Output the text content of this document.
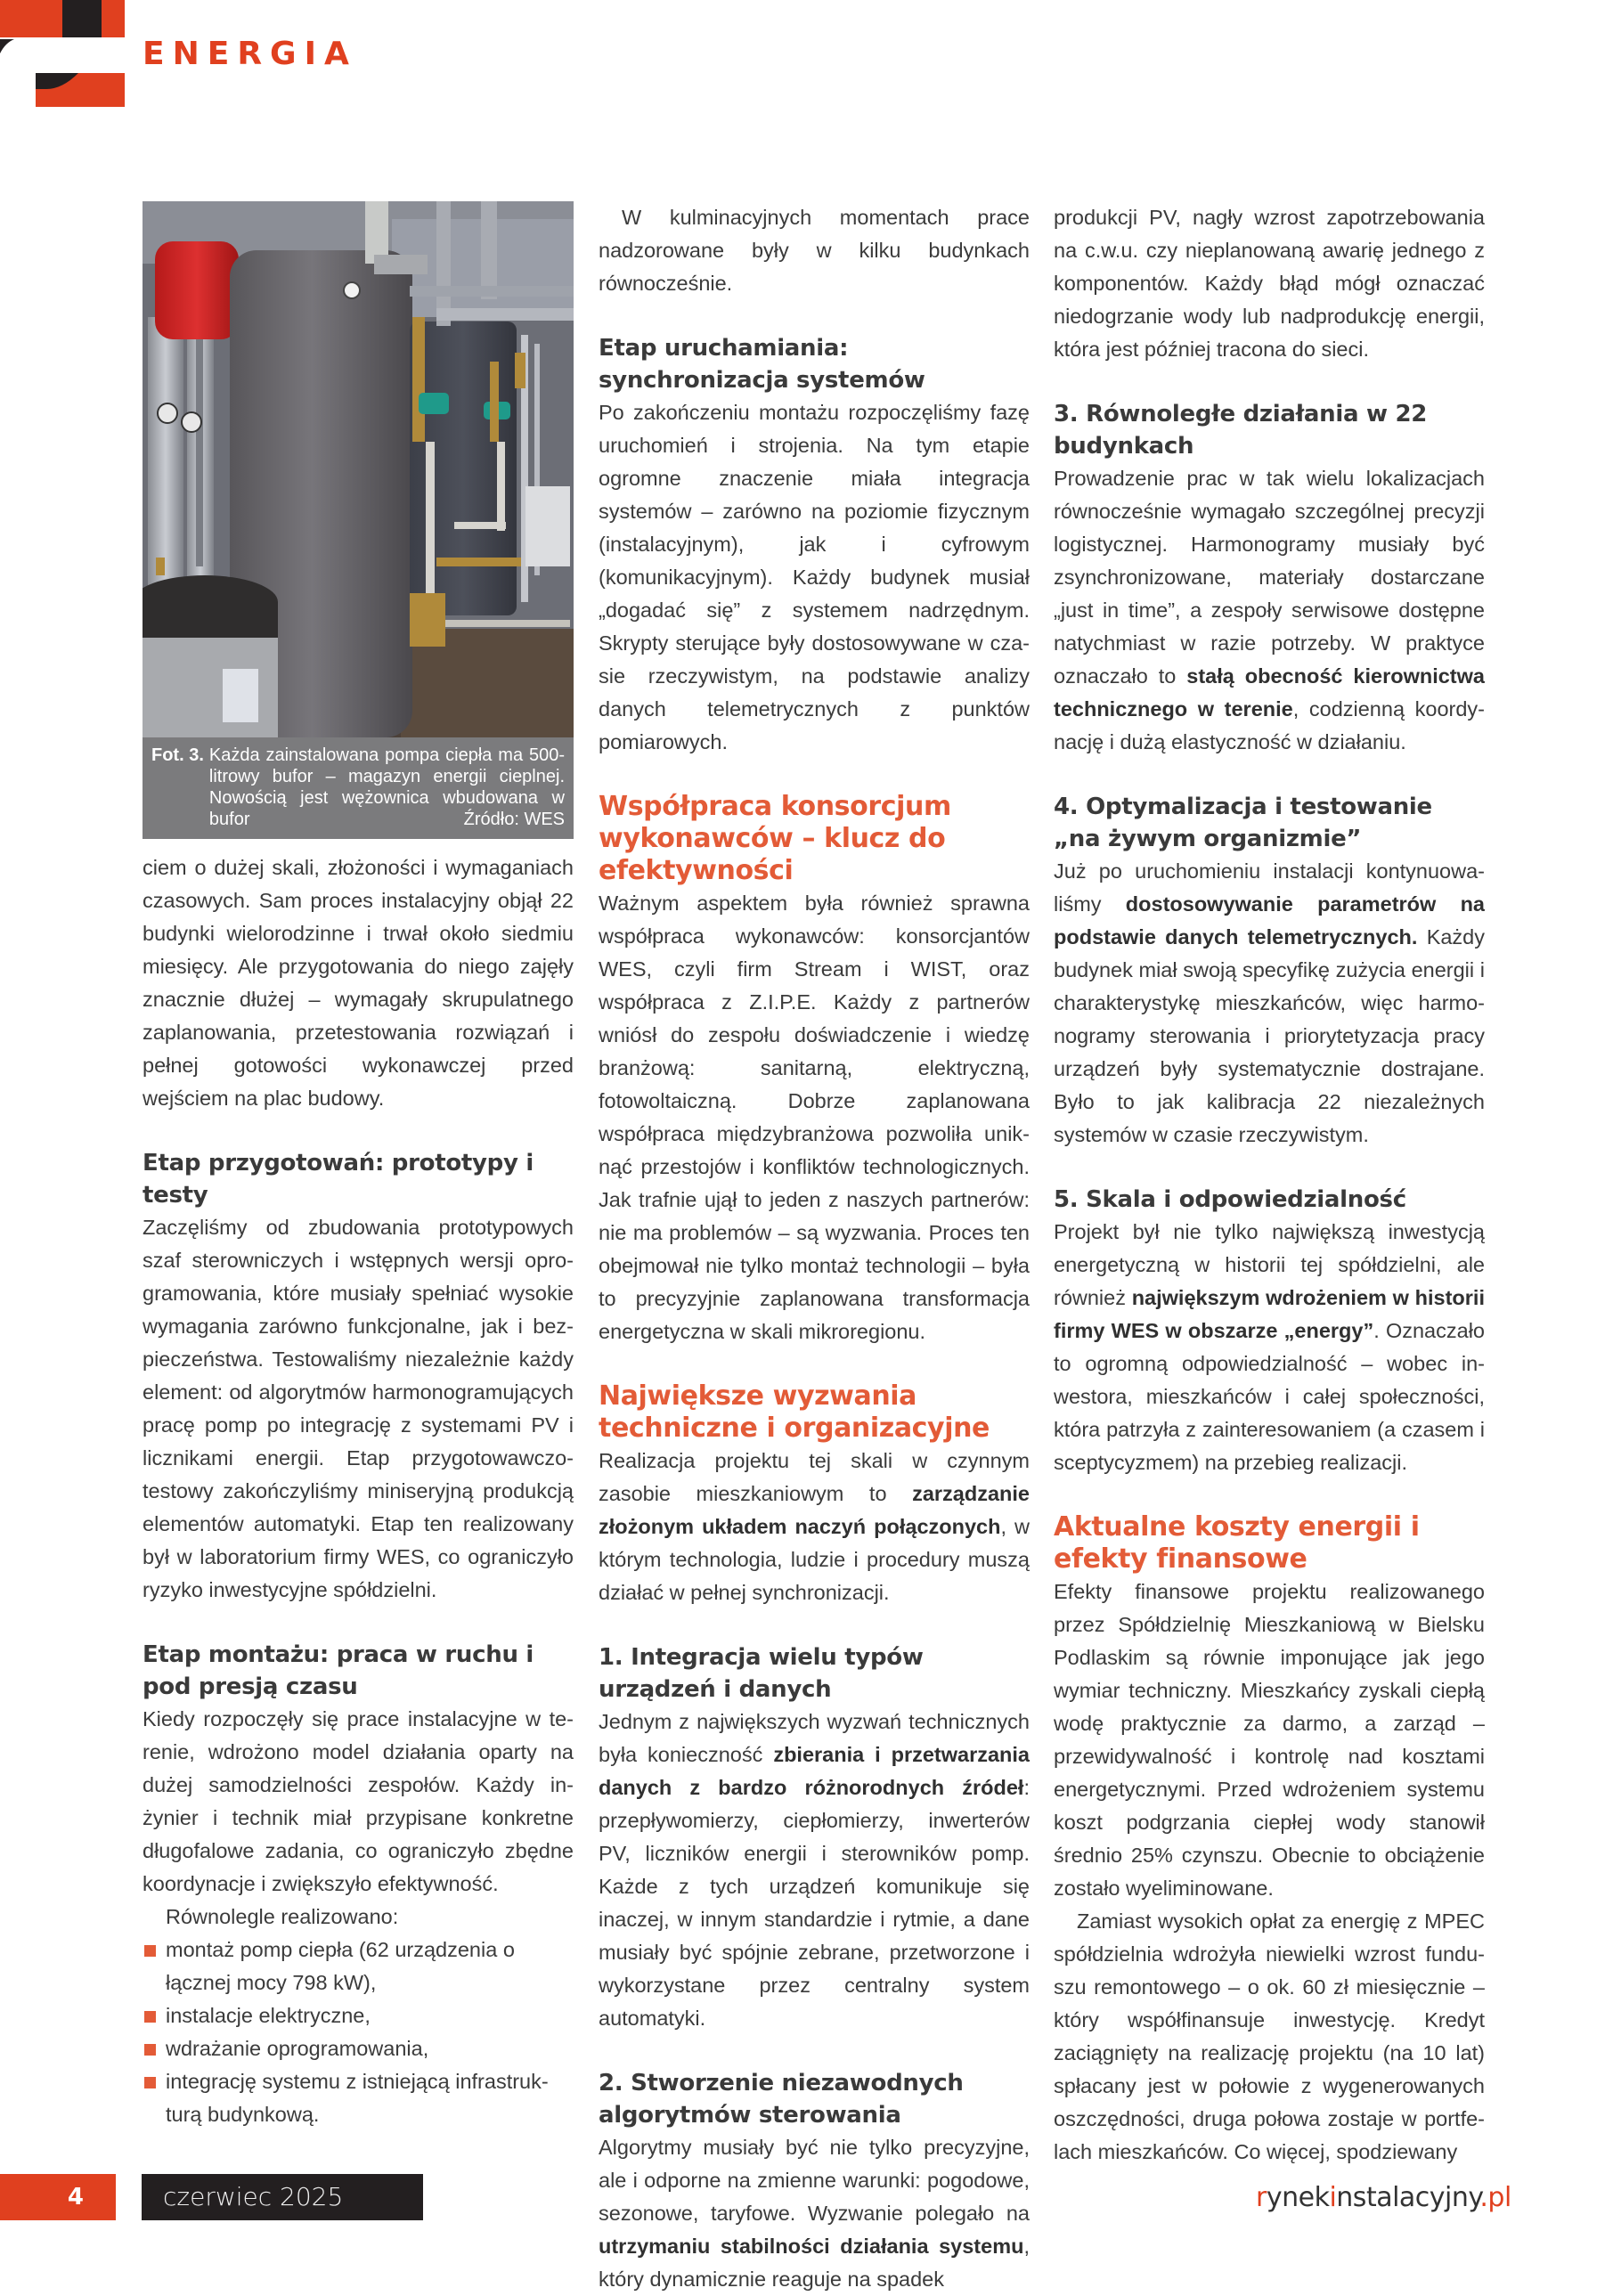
ENERGIA
Fot. 3. Każda zainstalowana pompa ciepła ma 500-litrowy bufor – magazyn energii cieplnej. Nowością jest wężownica wbudowana w bufor	Źródło: WES

ciem o dużej skali, złożoności i wymaganiach czasowych. Sam proces instalacyjny objął 22 budynki wielorodzinne i trwał około siedmiu miesięcy. Ale przygotowania do niego zajęły znacznie dłużej – wymagały skrupulatnego zaplanowania, przetestowania rozwiązań i pełnej gotowości wykonawczej przed wejściem na plac budowy.

Etap przygotowań: prototypy i testy

Zaczęliśmy od zbudowania prototypowych szaf sterowniczych i wstępnych wersji oprogramowania, które musiały spełniać wysokie wymagania zarówno funkcjonalne, jak i bezpieczeństwa. Testowaliśmy niezależnie każdy element: od algorytmów harmonogramujących pracę pomp po integrację z systemami PV i licznikami energii. Etap przygotowawczo-testowy zakończyliśmy miniseryjną produkcją elementów automatyki. Etap ten realizowany był w laboratorium firmy WES, co ograniczyło ryzyko inwestycyjne spółdzielni.

Etap montażu: praca w ruchu i pod presją czasu

Kiedy rozpoczęły się prace instalacyjne w terenie, wdrożono model działania oparty na dużej samodzielności zespołów. Każdy inżynier i technik miał przypisane konkretne długofalowe zadania, co ograniczyło zbędne koordynacje i zwiększyło efektywność.

Równolegle realizowano:

montaż pomp ciepła (62 urządzenia o łącznej mocy 798 kW),
instalacje elektryczne,
wdrażanie oprogramowania,
integrację systemu z istniejącą infrastrukturą budynkową.

W kulminacyjnych momentach prace nadzorowane były w kilku budynkach równocześnie.

Etap uruchamiania: synchronizacja systemów

Po zakończeniu montażu rozpoczęliśmy fazę uruchomień i strojenia. Na tym etapie ogromne znaczenie miała integracja systemów – zarówno na poziomie fizycznym (instalacyjnym), jak i cyfrowym (komunikacyjnym). Każdy budynek musiał „dogadać się” z systemem nadrzędnym. Skrypty sterujące były dostosowywane w czasie rzeczywistym, na podstawie analizy danych telemetrycznych z punktów pomiarowych.

Współpraca konsorcjum wykonawców – klucz do efektywności

Ważnym aspektem była również sprawna współpraca wykonawców: konsorcjantów WES, czyli firm Stream i WIST, oraz współpraca z Z.I.P.E. Każdy z partnerów wniósł do zespołu doświadczenie i wiedzę branżową: sanitarną, elektryczną, fotowoltaiczną. Dobrze zaplanowana współpraca międzybranżowa pozwoliła uniknąć przestojów i konfliktów technologicznych. Jak trafnie ujął to jeden z naszych partnerów: nie ma problemów – są wyzwania. Proces ten obejmował nie tylko montaż technologii – była to precyzyjnie zaplanowana transformacja energetyczna w skali mikroregionu.

Największe wyzwania techniczne i organizacyjne

Realizacja projektu tej skali w czynnym zasobie mieszkaniowym to zarządzanie złożonym układem naczyń połączonych, w którym technologia, ludzie i procedury muszą działać w pełnej synchronizacji.

1. Integracja wielu typów urządzeń i danych

Jednym z największych wyzwań technicznych była konieczność zbierania i przetwarzania danych z bardzo różnorodnych źródeł: przepływomierzy, ciepłomierzy, inwerterów PV, liczników energii i sterowników pomp. Każde z tych urządzeń komunikuje się inaczej, w innym standardzie i rytmie, a dane musiały być spójnie zebrane, przetworzone i wykorzystane przez centralny system automatyki.

2. Stworzenie niezawodnych algorytmów sterowania

Algorytmy musiały być nie tylko precyzyjne, ale i odporne na zmienne warunki: pogodowe, sezonowe, taryfowe. Wyzwanie polegało na utrzymaniu stabilności działania systemu, który dynamicznie reaguje na spadek

produkcji PV, nagły wzrost zapotrzebowania na c.w.u. czy nieplanowaną awarię jednego z komponentów. Każdy błąd mógł oznaczać niedogrzanie wody lub nadprodukcję energii, która jest później tracona do sieci.

3. Równoległe działania w 22 budynkach

Prowadzenie prac w tak wielu lokalizacjach równocześnie wymagało szczególnej precyzji logistycznej. Harmonogramy musiały być zsynchronizowane, materiały dostarczane „just in time”, a zespoły serwisowe dostępne natychmiast w razie potrzeby. W praktyce oznaczało to stałą obecność kierownictwa technicznego w terenie, codzienną koordynację i dużą elastyczność w działaniu.

4. Optymalizacja i testowanie „na żywym organizmie”

Już po uruchomieniu instalacji kontynuowaliśmy dostosowywanie parametrów na podstawie danych telemetrycznych. Każdy budynek miał swoją specyfikę zużycia energii i charakterystykę mieszkańców, więc harmonogramy sterowania i priorytetyzacja pracy urządzeń były systematycznie dostrajane. Było to jak kalibracja 22 niezależnych systemów w czasie rzeczywistym.

5. Skala i odpowiedzialność

Projekt był nie tylko największą inwestycją energetyczną w historii tej spółdzielni, ale również największym wdrożeniem w historii firmy WES w obszarze „energy”. Oznaczało to ogromną odpowiedzialność – wobec inwestora, mieszkańców i całej społeczności, która patrzyła z zainteresowaniem (a czasem i sceptycyzmem) na przebieg realizacji.

Aktualne koszty energii i efekty finansowe

Efekty finansowe projektu realizowanego przez Spółdzielnię Mieszkaniową w Bielsku Podlaskim są równie imponujące jak jego wymiar techniczny. Mieszkańcy zyskali ciepłą wodę praktycznie za darmo, a zarząd – przewidywalność i kontrolę nad kosztami energetycznymi. Przed wdrożeniem systemu koszt podgrzania ciepłej wody stanowił średnio 25% czynszu. Obecnie to obciążenie zostało wyeliminowane.

Zamiast wysokich opłat za energię z MPEC spółdzielnia wdrożyła niewielki wzrost funduszu remontowego – o ok. 60 zł miesięcznie – który współfinansuje inwestycję. Kredyt zaciągnięty na realizację projektu (na 10 lat) spłacany jest w połowie z wygenerowanych oszczędności, druga połowa zostaje w portfelach mieszkańców. Co więcej, spodziewany

4	czerwiec 2025	rynekinstalacyjny.pl
